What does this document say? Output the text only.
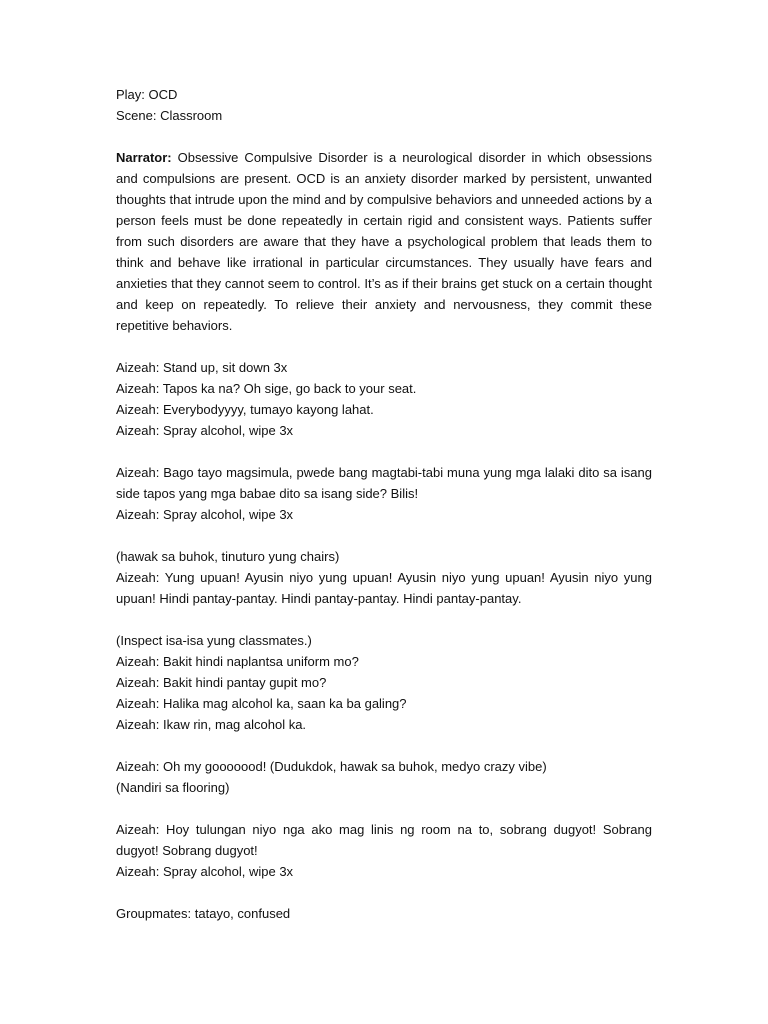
Play: OCD
Scene: Classroom

Narrator: Obsessive Compulsive Disorder is a neurological disorder in which obsessions and compulsions are present. OCD is an anxiety disorder marked by persistent, unwanted thoughts that intrude upon the mind and by compulsive behaviors and unneeded actions by a person feels must be done repeatedly in certain rigid and consistent ways. Patients suffer from such disorders are aware that they have a psychological problem that leads them to think and behave like irrational in particular circumstances. They usually have fears and anxieties that they cannot seem to control. It’s as if their brains get stuck on a certain thought and keep on repeatedly. To relieve their anxiety and nervousness, they commit these repetitive behaviors.

Aizeah: Stand up, sit down 3x
Aizeah: Tapos ka na? Oh sige, go back to your seat.
Aizeah: Everybodyyyy, tumayo kayong lahat.
Aizeah: Spray alcohol, wipe 3x

Aizeah: Bago tayo magsimula, pwede bang magtabi-tabi muna yung mga lalaki dito sa isang side tapos yang mga babae dito sa isang side? Bilis!

Aizeah: Spray alcohol, wipe 3x
(hawak sa buhok, tinuturo yung chairs)

Aizeah: Yung upuan! Ayusin niyo yung upuan! Ayusin niyo yung upuan! Ayusin niyo yung upuan! Hindi pantay-pantay. Hindi pantay-pantay. Hindi pantay-pantay.

(Inspect isa-isa yung classmates.)
Aizeah: Bakit hindi naplantsa uniform mo?
Aizeah: Bakit hindi pantay gupit mo?
Aizeah: Halika mag alcohol ka, saan ka ba galing?
Aizeah: Ikaw rin, mag alcohol ka.
Aizeah: Oh my gooooood! (Dudukdok, hawak sa buhok, medyo crazy vibe)
(Nandiri sa flooring)

Aizeah: Hoy tulungan niyo nga ako mag linis ng room na to, sobrang dugyot! Sobrang dugyot! Sobrang dugyot!

Aizeah: Spray alcohol, wipe 3x
Groupmates: tatayo, confused
